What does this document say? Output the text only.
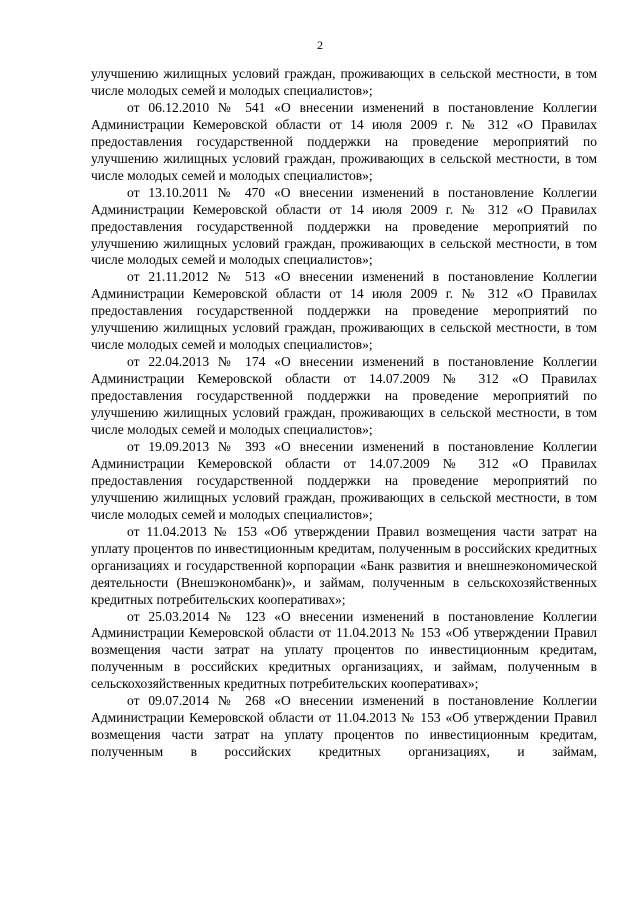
2

улучшению жилищных условий граждан, проживающих в сельской местности, в том числе молодых семей и молодых специалистов»;

от 06.12.2010 № 541 «О внесении изменений в постановление Коллегии Администрации Кемеровской области от 14 июля 2009 г. № 312 «О Правилах предоставления государственной поддержки на проведение мероприятий по улучшению жилищных условий граждан, проживающих в сельской местности, в том числе молодых семей и молодых специалистов»;

от 13.10.2011 № 470 «О внесении изменений в постановление Коллегии Администрации Кемеровской области от 14 июля 2009 г. № 312 «О Правилах предоставления государственной поддержки на проведение мероприятий по улучшению жилищных условий граждан, проживающих в сельской местности, в том числе молодых семей и молодых специалистов»;

от 21.11.2012 № 513 «О внесении изменений в постановление Коллегии Администрации Кемеровской области от 14 июля 2009 г. № 312 «О Правилах предоставления государственной поддержки на проведение мероприятий по улучшению жилищных условий граждан, проживающих в сельской местности, в том числе молодых семей и молодых специалистов»;

от 22.04.2013 № 174 «О внесении изменений в постановление Коллегии Администрации Кемеровской области от 14.07.2009 № 312 «О Правилах предоставления государственной поддержки на проведение мероприятий по улучшению жилищных условий граждан, проживающих в сельской местности, в том числе молодых семей и молодых специалистов»;

от 19.09.2013 № 393 «О внесении изменений в постановление Коллегии Администрации Кемеровской области от 14.07.2009 № 312 «О Правилах предоставления государственной поддержки на проведение мероприятий по улучшению жилищных условий граждан, проживающих в сельской местности, в том числе молодых семей и молодых специалистов»;

от 11.04.2013 № 153 «Об утверждении Правил возмещения части затрат на уплату процентов по инвестиционным кредитам, полученным в российских кредитных организациях и государственной корпорации «Банк развития и внешнеэкономической деятельности (Внешэкономбанк)», и займам, полученным в сельскохозяйственных кредитных потребительских кооперативах»;

от 25.03.2014 № 123 «О внесении изменений в постановление Коллегии Администрации Кемеровской области от 11.04.2013 № 153 «Об утверждении Правил возмещения части затрат на уплату процентов по инвестиционным кредитам, полученным в российских кредитных организациях, и займам, полученным в сельскохозяйственных кредитных потребительских кооперативах»;

от 09.07.2014 № 268 «О внесении изменений в постановление Коллегии Администрации Кемеровской области от 11.04.2013 № 153 «Об утверждении Правил возмещения части затрат на уплату процентов по инвестиционным кредитам, полученным в российских кредитных организациях, и займам,
